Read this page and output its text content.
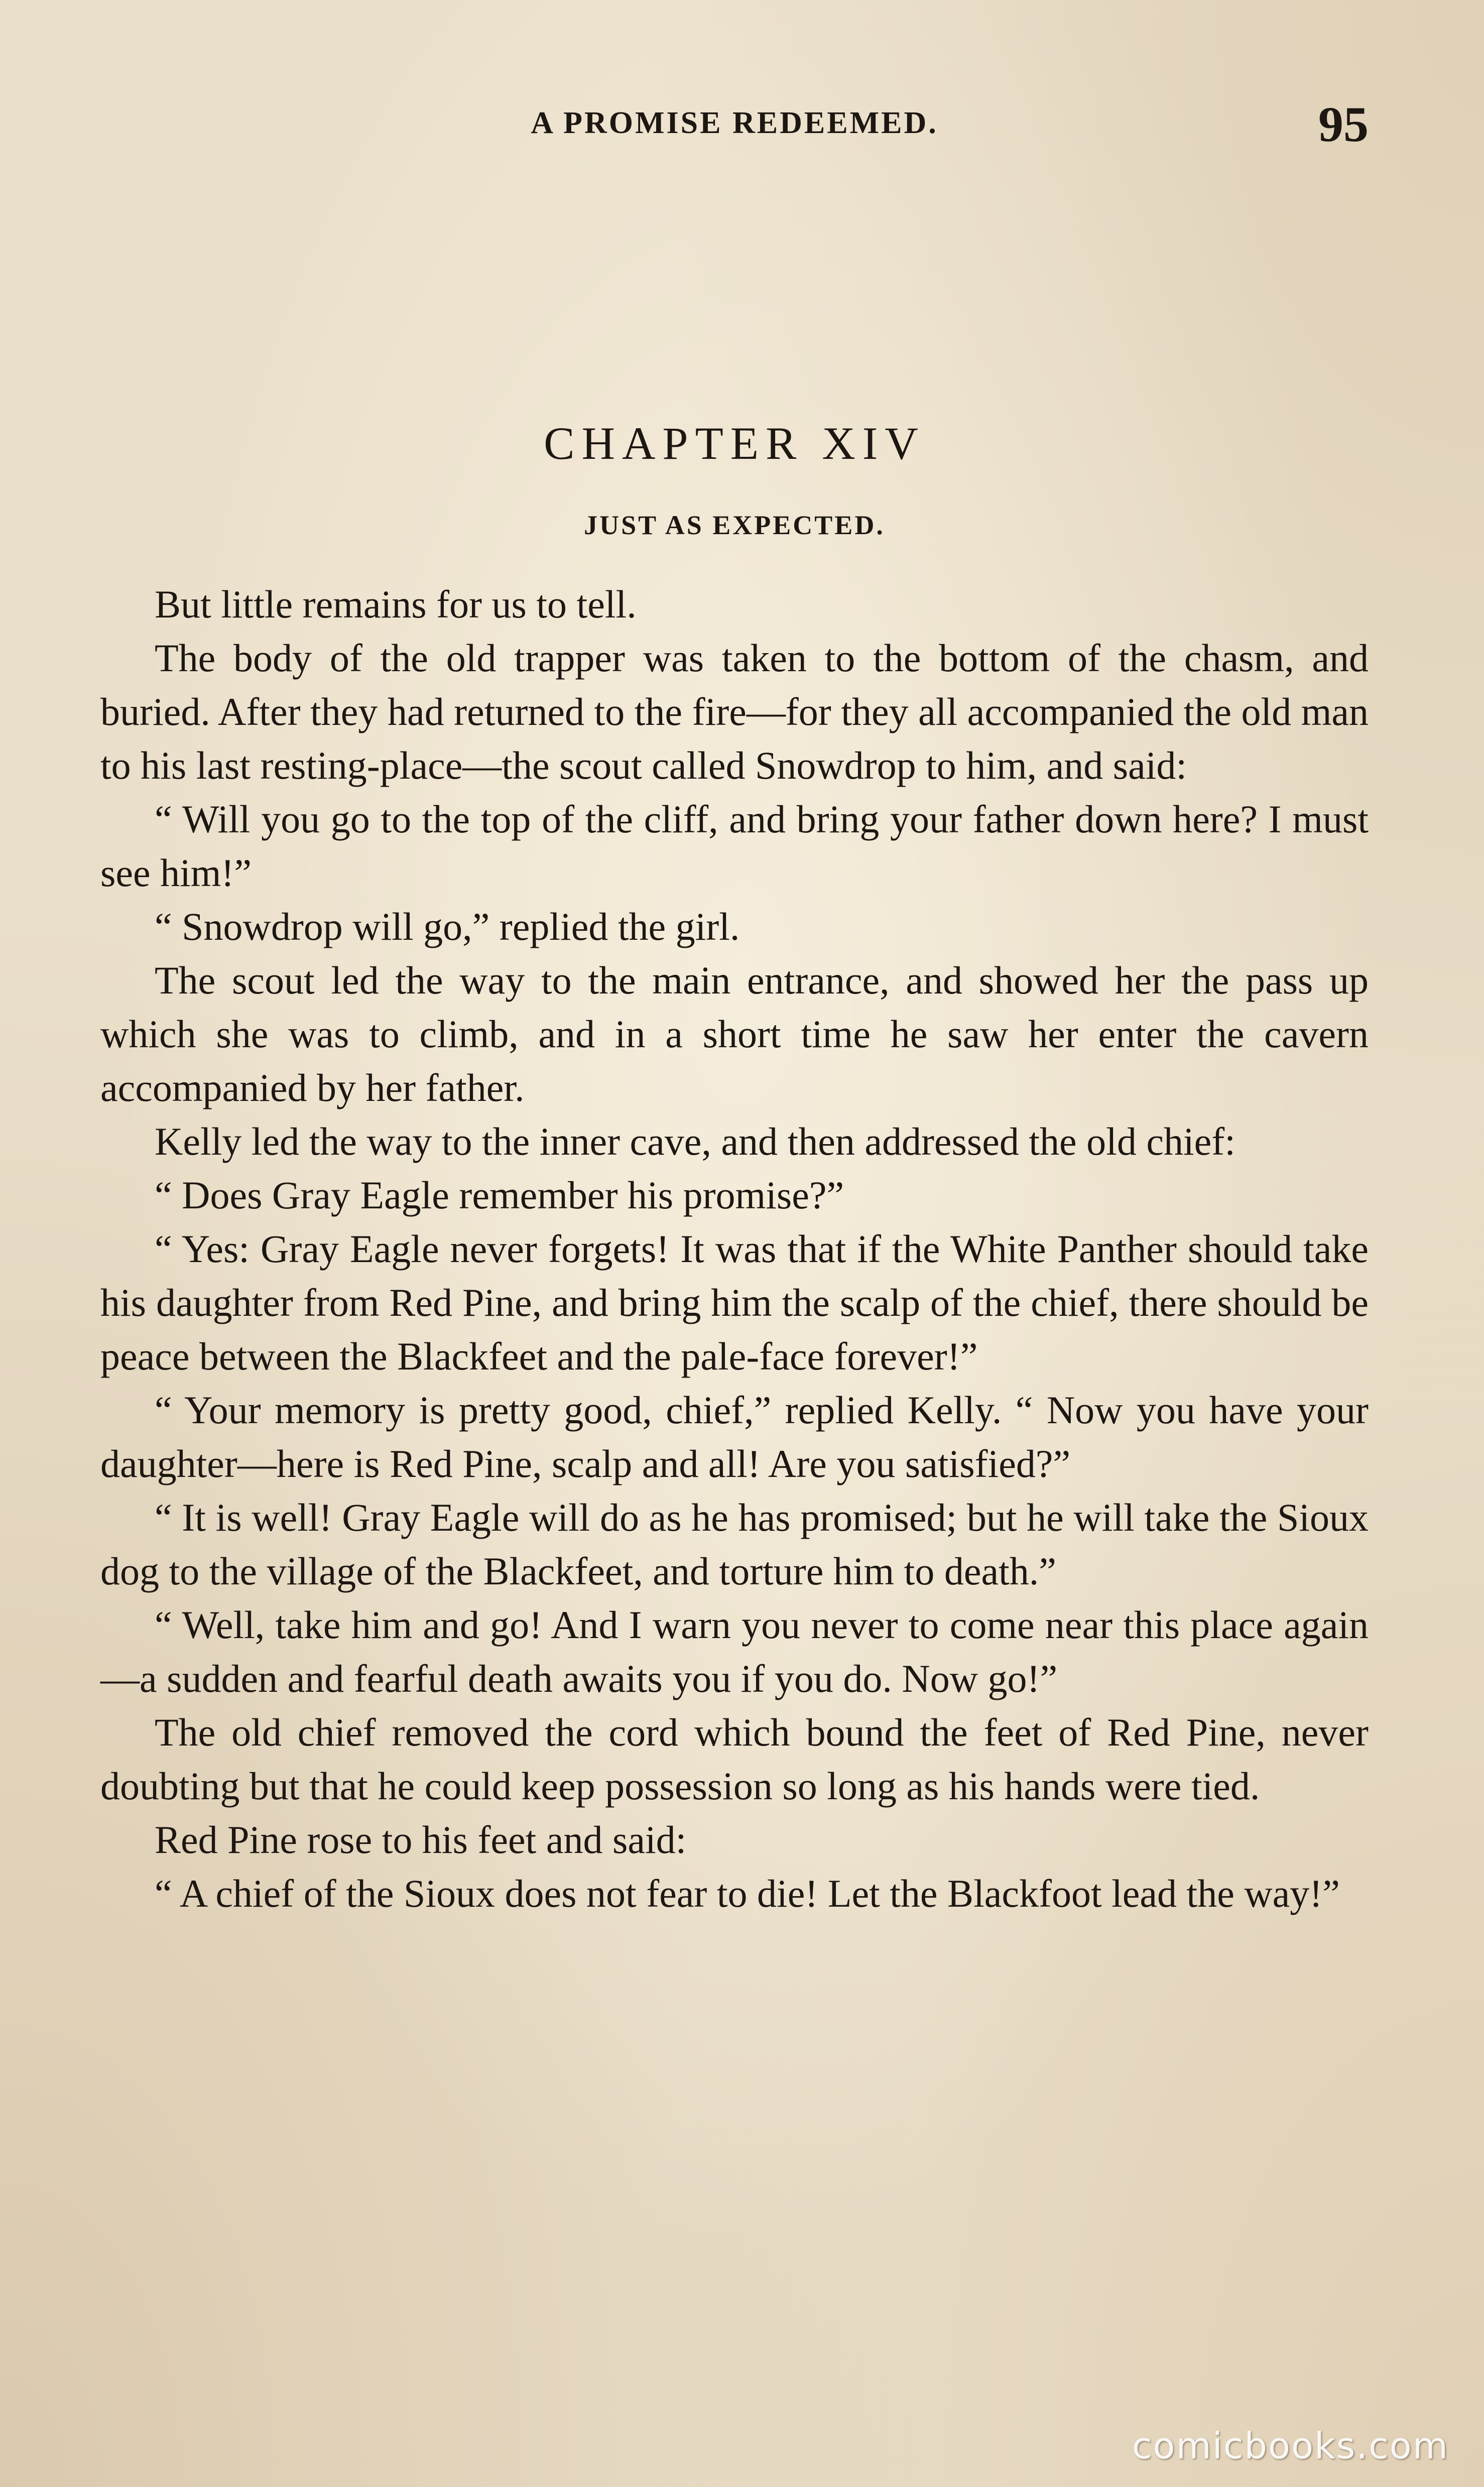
A PROMISE REDEEMED.	95
CHAPTER XIV
JUST AS EXPECTED.

But little remains for us to tell.

The body of the old trapper was taken to the bottom of the chasm, and buried. After they had returned to the fire—for they all accompanied the old man to his last resting-place—the scout called Snowdrop to him, and said:

“ Will you go to the top of the cliff, and bring your father down here? I must see him!”

“ Snowdrop will go,” replied the girl.

The scout led the way to the main entrance, and showed her the pass up which she was to climb, and in a short time he saw her enter the cavern accompanied by her father.

Kelly led the way to the inner cave, and then addressed the old chief:

“ Does Gray Eagle remember his promise?”

“ Yes: Gray Eagle never forgets! It was that if the White Panther should take his daughter from Red Pine, and bring him the scalp of the chief, there should be peace between the Blackfeet and the pale-face forever!”

“ Your memory is pretty good, chief,” replied Kelly. “ Now you have your daughter—here is Red Pine, scalp and all! Are you satisfied?”

“ It is well! Gray Eagle will do as he has promised; but he will take the Sioux dog to the village of the Blackfeet, and torture him to death.”

“ Well, take him and go! And I warn you never to come near this place again—a sudden and fearful death awaits you if you do. Now go!”

The old chief removed the cord which bound the feet of Red Pine, never doubting but that he could keep possession so long as his hands were tied.

Red Pine rose to his feet and said:

“ A chief of the Sioux does not fear to die! Let the Blackfoot lead the way!”

comicbooks.com
